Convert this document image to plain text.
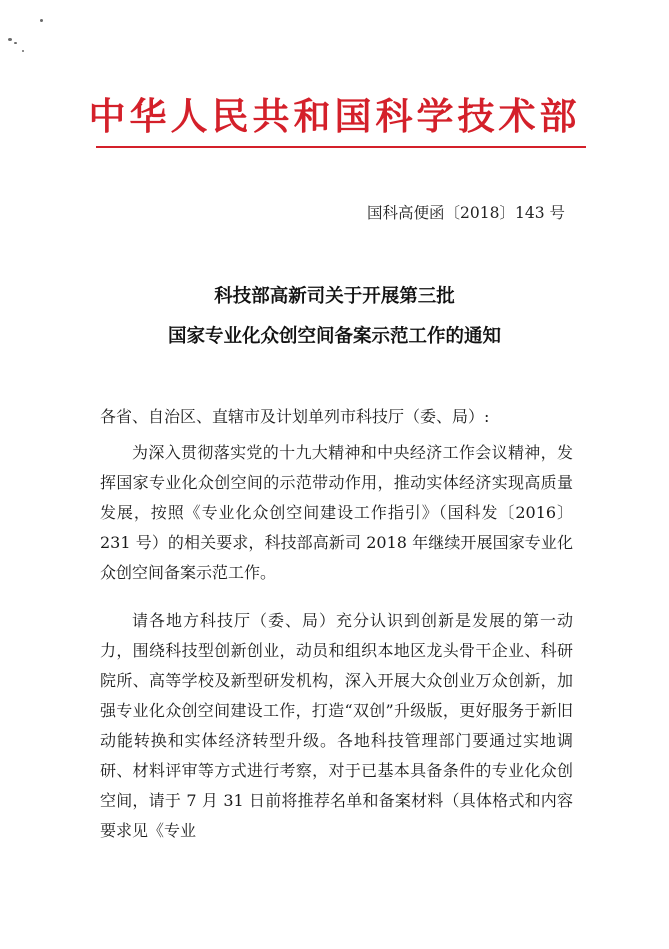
中华人民共和国科学技术部
国科高便函〔2018〕143 号
科技部高新司关于开展第三批
国家专业化众创空间备案示范工作的通知
各省、自治区、直辖市及计划单列市科技厅（委、局）:

为深入贯彻落实党的十九大精神和中央经济工作会议精神，发挥国家专业化众创空间的示范带动作用，推动实体经济实现高质量发展，按照《专业化众创空间建设工作指引》（国科发〔2016〕231 号）的相关要求，科技部高新司 2018 年继续开展国家专业化众创空间备案示范工作。

请各地方科技厅（委、局）充分认识到创新是发展的第一动力，围绕科技型创新创业，动员和组织本地区龙头骨干企业、科研院所、高等学校及新型研发机构，深入开展大众创业万众创新，加强专业化众创空间建设工作，打造“双创”升级版，更好服务于新旧动能转换和实体经济转型升级。各地科技管理部门要通过实地调研、材料评审等方式进行考察，对于已基本具备条件的专业化众创空间，请于 7 月 31 日前将推荐名单和备案材料（具体格式和内容要求见《专业
